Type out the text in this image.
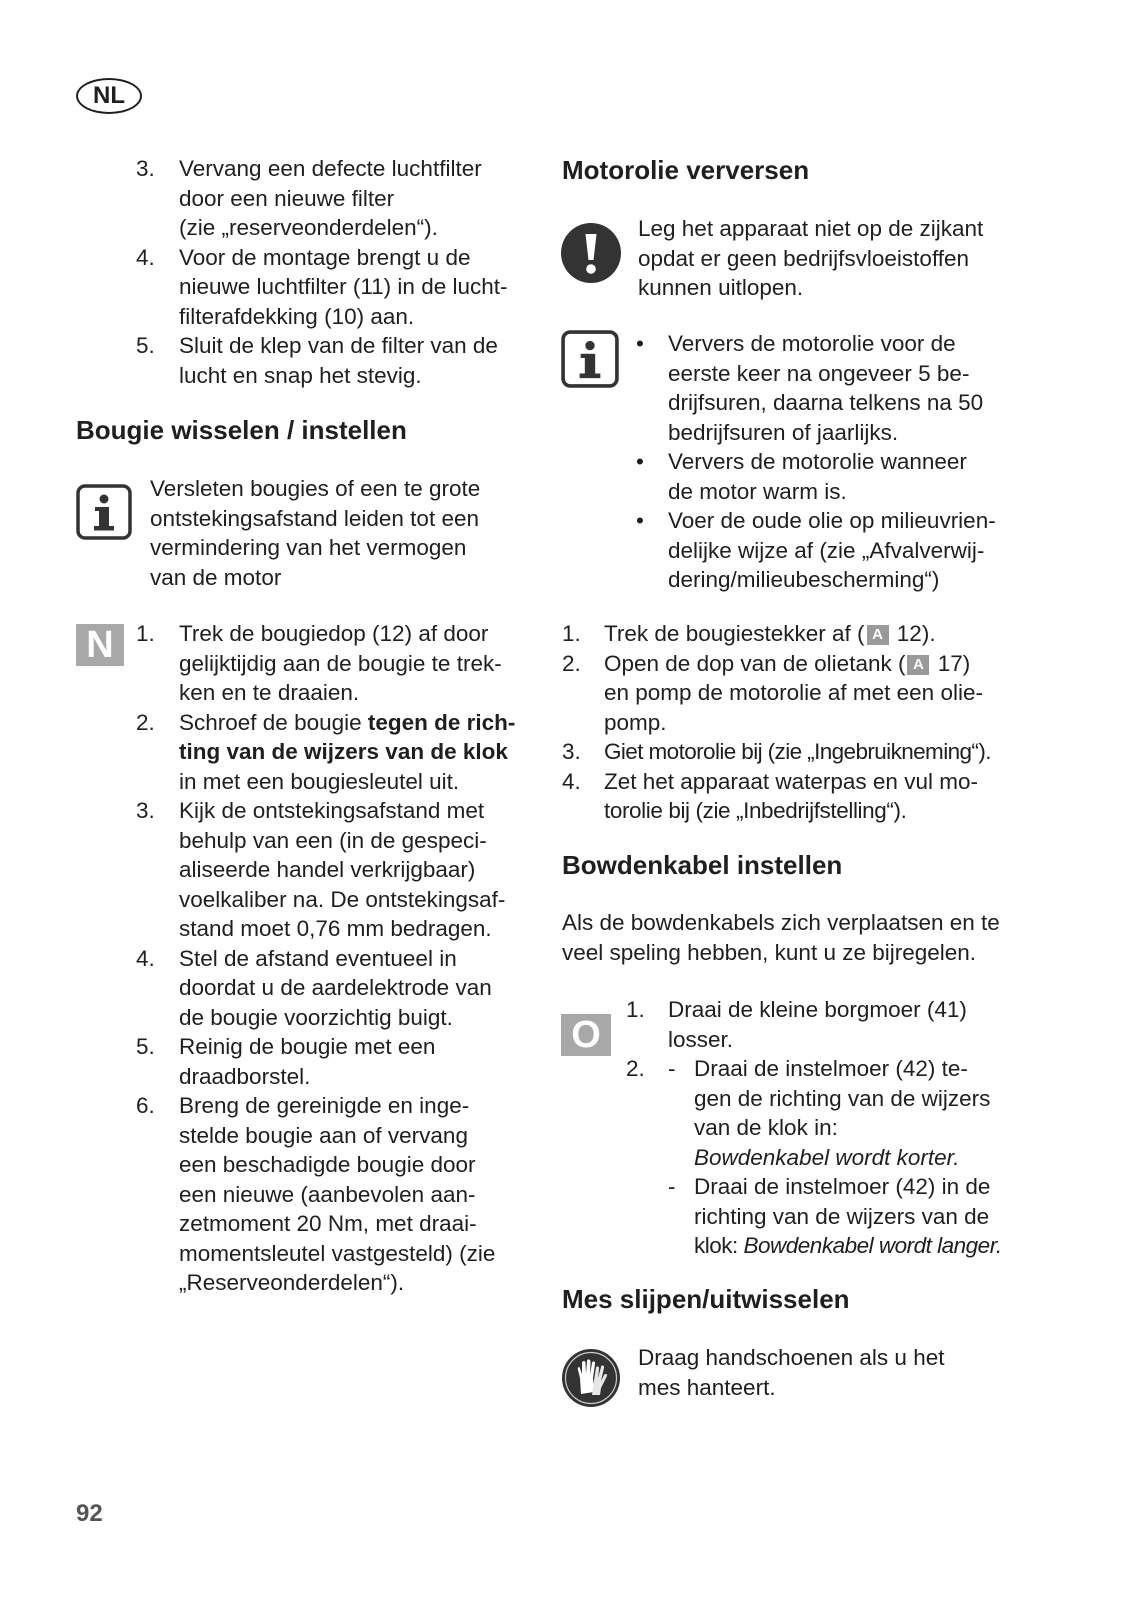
NL
3.	Vervang een defecte luchtfilter

door een nieuwe filter

(zie „reserveonderdelen“).

4.	Voor de montage brengt u de

nieuwe luchtfilter (11) in de lucht-

filterafdekking (10) aan.

5.	Sluit de klep van de filter van de

lucht en snap het stevig.

Bougie wisselen / instellen

Versleten bougies of een te grote

ontstekingsafstand leiden tot een

vermindering van het vermogen

van de motor

N 1.	Trek de bougiedop (12) af door

gelijktijdig aan de bougie te trek-

ken en te draaien.

2.	Schroef de bougie tegen de rich-

ting van de wijzers van de klok

in met een bougiesleutel uit.

3.	Kijk de ontstekingsafstand met

behulp van een (in de gespeci-

aliseerde handel verkrijgbaar)

voelkaliber na. De ontstekingsaf-

stand moet 0,76 mm bedragen.

4.	Stel de afstand eventueel in

doordat u de aardelektrode van

de bougie voorzichtig buigt.

5.	Reinig de bougie met een

draadborstel.

6.	Breng de gereinigde en inge-

stelde bougie aan of vervang

een beschadigde bougie door

een nieuwe (aanbevolen aan-

zetmoment 20 Nm, met draai-

momentsleutel vastgesteld) (zie

„Reserveonderdelen“).

Motorolie verversen

Leg het apparaat niet op de zijkant

opdat er geen bedrijfsvloeistoffen

kunnen uitlopen.

•	Ververs de motorolie voor de

eerste keer na ongeveer 5 be-

drijfsuren, daarna telkens na 50

bedrijfsuren of jaarlijks.

•	Ververs de motorolie wanneer

de motor warm is.

•	Voer de oude olie op milieuvrien-

delijke wijze af (zie „Afvalverwij-

dering/milieubescherming“)

1.	Trek de bougiestekker af ( A 12).

2.	Open de dop van de olietank ( A 17)

en pomp de motorolie af met een olie-

pomp.

3.	Giet motorolie bij (zie „Ingebruikneming“).

4.	Zet het apparaat waterpas en vul mo-

torolie bij (zie „Inbedrijfstelling“).

Bowdenkabel instellen

Als de bowdenkabels zich verplaatsen en te

veel speling hebben, kunt u ze bijregelen.

O
1.	Draai de kleine borgmoer (41)

losser.

2.	- Draai de instelmoer (42) te-

gen de richting van de wijzers

van de klok in:

Bowdenkabel wordt korter.

- Draai de instelmoer (42) in de

richting van de wijzers van de

klok: Bowdenkabel wordt langer.

Mes slijpen/uitwisselen

Draag handschoenen als u het

mes hanteert.

92
